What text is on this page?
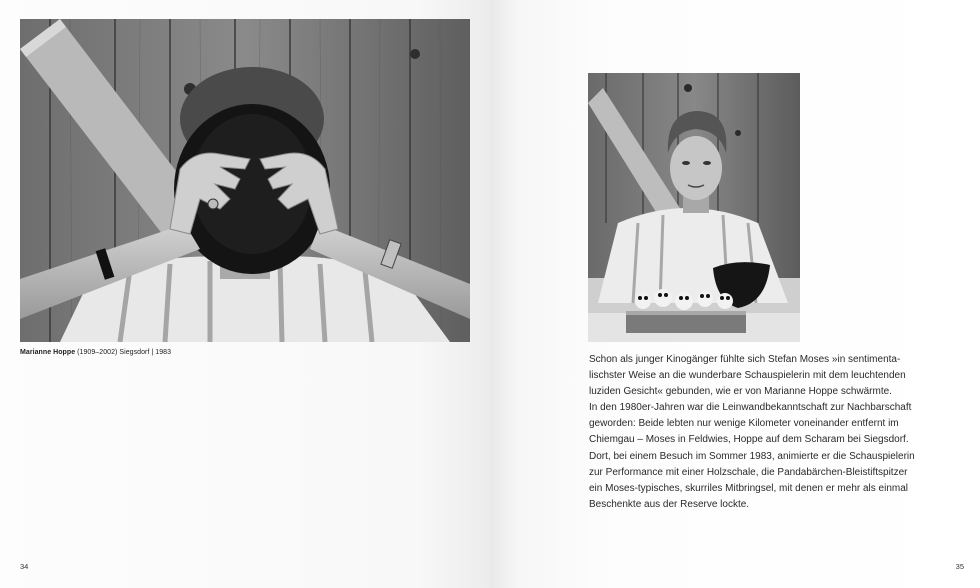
Marianne Hoppe (1909–2002) Siegsdorf | 1983
34
Schon als junger Kinogänger fühlte sich Stefan Moses »in sentimenta-
lischster Weise an die wunderbare Schauspielerin mit dem leuchtenden
luziden Gesicht« gebunden, wie er von Marianne Hoppe schwärmte.
In den 1980er-Jahren war die Leinwandbekanntschaft zur Nachbarschaft
geworden: Beide lebten nur wenige Kilometer voneinander entfernt im
Chiemgau – Moses in Feldwies, Hoppe auf dem Scharam bei Siegsdorf.
Dort, bei einem Besuch im Sommer 1983, animierte er die Schauspielerin
zur Performance mit einer Holzschale, die Pandabärchen-Bleistiftspitzer
ein Moses-typisches, skurriles Mitbringsel, mit denen er mehr als einmal
Beschenkte aus der Reserve lockte.
35
